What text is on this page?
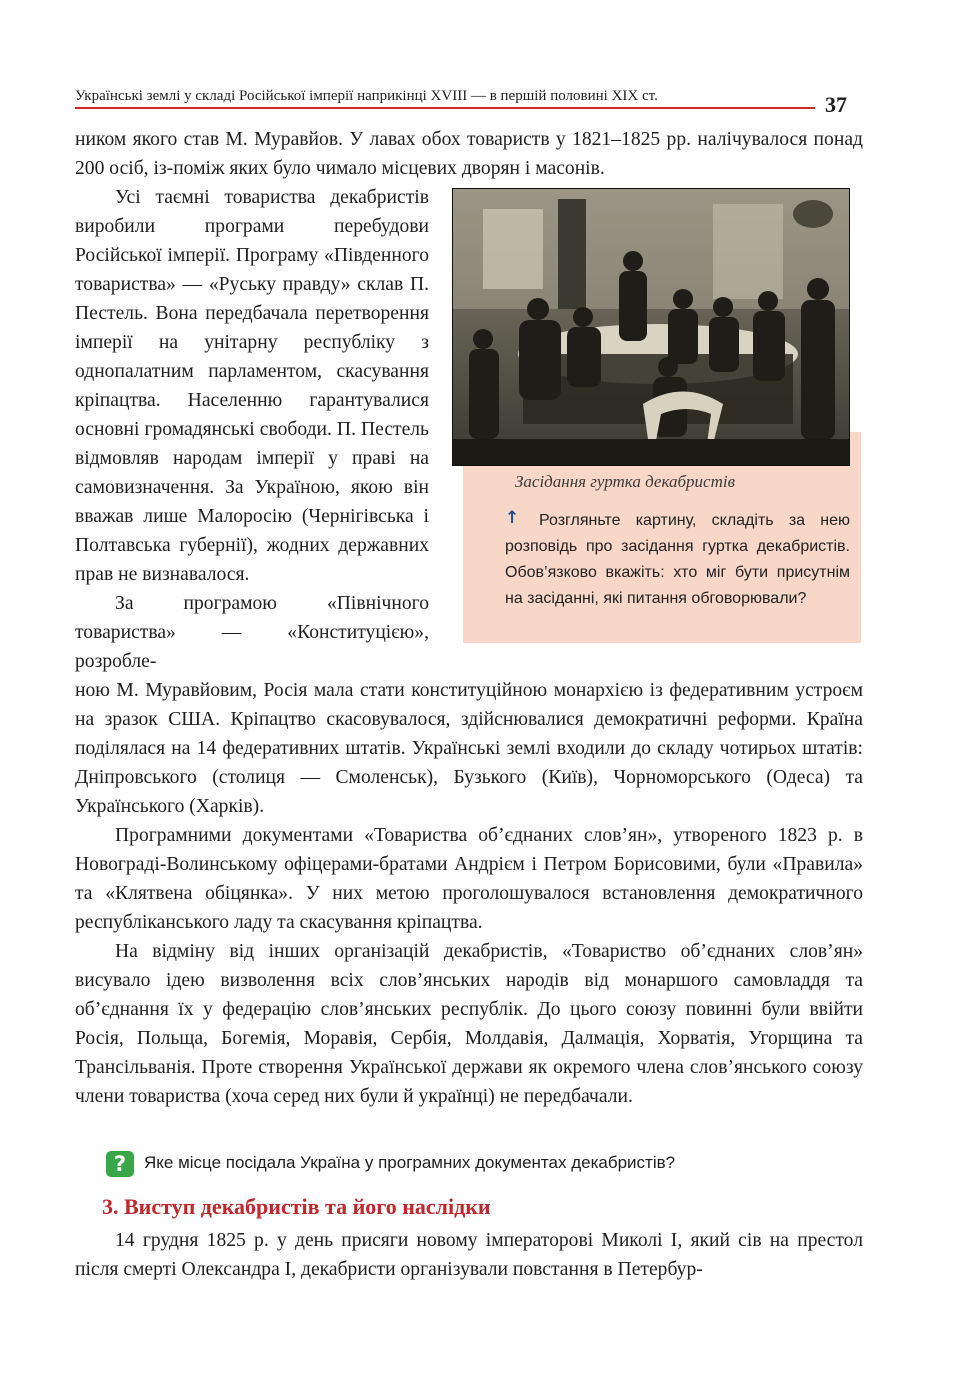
Українські землі у складі Російської імперії наприкінці XVIII — в першій половині XIX ст.	37

ником якого став М. Муравйов. У лавах обох товариств у 1821–1825 рр. налічувалося понад 200 осіб, із-поміж яких було чимало місцевих дворян і масонів.

Усі таємні товариства декабристів виробили програми перебудови Російської імперії. Програму «Південного товариства» — «Руську правду» склав П. Пестель. Вона передбачала перетворення імперії на унітарну республіку з однопалатним парламентом, скасування кріпацтва. Населенню гарантувалися основні громадянські свободи. П. Пестель відмовляв народам імперії у праві на самовизначення. За Україною, якою він вважав лише Малоросію (Чернігівська і Полтавська губернії), жодних державних прав не визнавалося.

За програмою «Північного товариства» — «Конституцією», розробле-

Засідання гуртка декабристів
↑	Розгляньте картину, складіть за нею розповідь про засідання гуртка декабристів. Обов’язково вкажіть: хто міг бути присутнім на засіданні, які питання обговорювали?

ною М. Муравйовим, Росія мала стати конституційною монархією із федеративним устроєм на зразок США. Кріпацтво скасовувалося, здійснювалися демократичні реформи. Країна поділялася на 14 федеративних штатів. Українські землі входили до складу чотирьох штатів: Дніпровського (столиця — Смоленськ), Бузького (Київ), Чорноморського (Одеса) та Українського (Харків).

Програмними документами «Товариства об’єднаних слов’ян», утвореного 1823 р. в Новограді-Волинському офіцерами-братами Андрієм і Петром Борисовими, були «Правила» та «Клятвена обіцянка». У них метою проголошувалося встановлення демократичного республіканського ладу та скасування кріпацтва.

На відміну від інших організацій декабристів, «Товариство об’єднаних слов’ян» висувало ідею визволення всіх слов’янських народів від монаршого самовладдя та об’єднання їх у федерацію слов’янських республік. До цього союзу повинні були ввійти Росія, Польща, Богемія, Моравія, Сербія, Молдавія, Далмація, Хорватія, Угорщина та Трансільванія. Проте створення Української держави як окремого члена слов’янського союзу члени товариства (хоча серед них були й українці) не передбачали.

?	Яке місце посідала Україна у програмних документах декабристів?
3. Виступ декабристів та його наслідки

14 грудня 1825 р. у день присяги новому імператорові Миколі I, який сів на престол після смерті Олександра I, декабристи організували повстання в Петербур-
